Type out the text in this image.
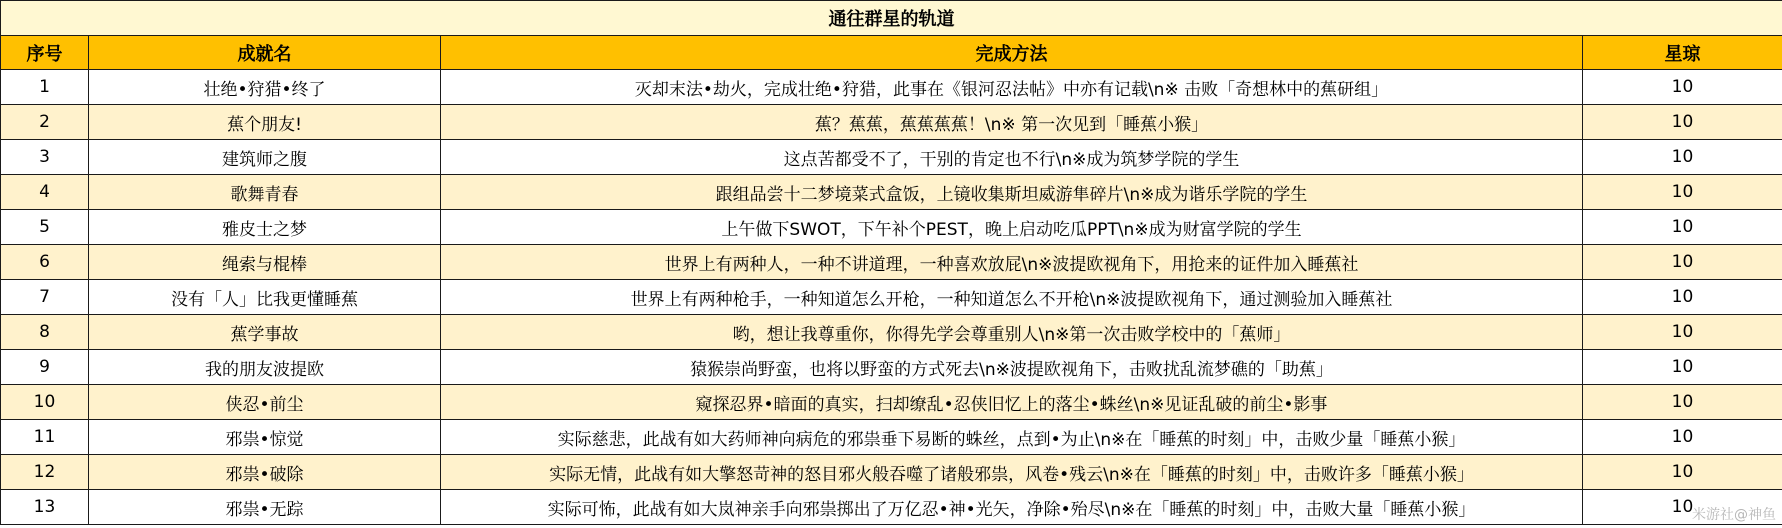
通往群星的轨道			
序号	成就名	完成方法	星琼
1	壮绝•狩猎•终了	灭却末法•劫火，完成壮绝•狩猎，此事在《银河忍法帖》中亦有记载\n※ 击败「奇想林中的蕉研组」	10
2	蕉个朋友!	蕉？蕉蕉，蕉蕉蕉蕉！\n※ 第一次见到「睡蕉小猴」	10
3	建筑师之腹	这点苦都受不了，干别的肯定也不行\n※成为筑梦学院的学生	10
4	歌舞青春	跟组品尝十二梦境菜式盒饭，上镜收集斯坦威游隼碎片\n※成为谐乐学院的学生	10
5	雅皮士之梦	上午做下SWOT，下午补个PEST，晚上启动吃瓜PPT\n※成为财富学院的学生	10
6	绳索与棍棒	世界上有两种人，一种不讲道理，一种喜欢放屁\n※波提欧视角下，用抢来的证件加入睡蕉社	10
7	没有「人」比我更懂睡蕉	世界上有两种枪手，一种知道怎么开枪，一种知道怎么不开枪\n※波提欧视角下，通过测验加入睡蕉社	10
8	蕉学事故	哟，想让我尊重你，你得先学会尊重别人\n※第一次击败学校中的「蕉师」	10
9	我的朋友波提欧	猿猴崇尚野蛮，也将以野蛮的方式死去\n※波提欧视角下，击败扰乱流梦礁的「助蕉」	10
10	侠忍•前尘	窥探忍界•暗面的真实，扫却缭乱•忍侠旧忆上的落尘•蛛丝\n※见证乱破的前尘•影事	10
11	邪祟•惊觉	实际慈悲，此战有如大药师神向病危的邪祟垂下易断的蛛丝，点到•为止\n※在「睡蕉的时刻」中，击败少量「睡蕉小猴」	10
12	邪祟•破除	实际无情，此战有如大擎怒苛神的怒目邪火般吞噬了诸般邪祟，风卷•残云\n※在「睡蕉的时刻」中，击败许多「睡蕉小猴」	10
13	邪祟•无踪	实际可怖，此战有如大岚神亲手向邪祟掷出了万亿忍•神•光矢，净除•殆尽\n※在「睡蕉的时刻」中，击败大量「睡蕉小猴」	10
米游社@神鱼
